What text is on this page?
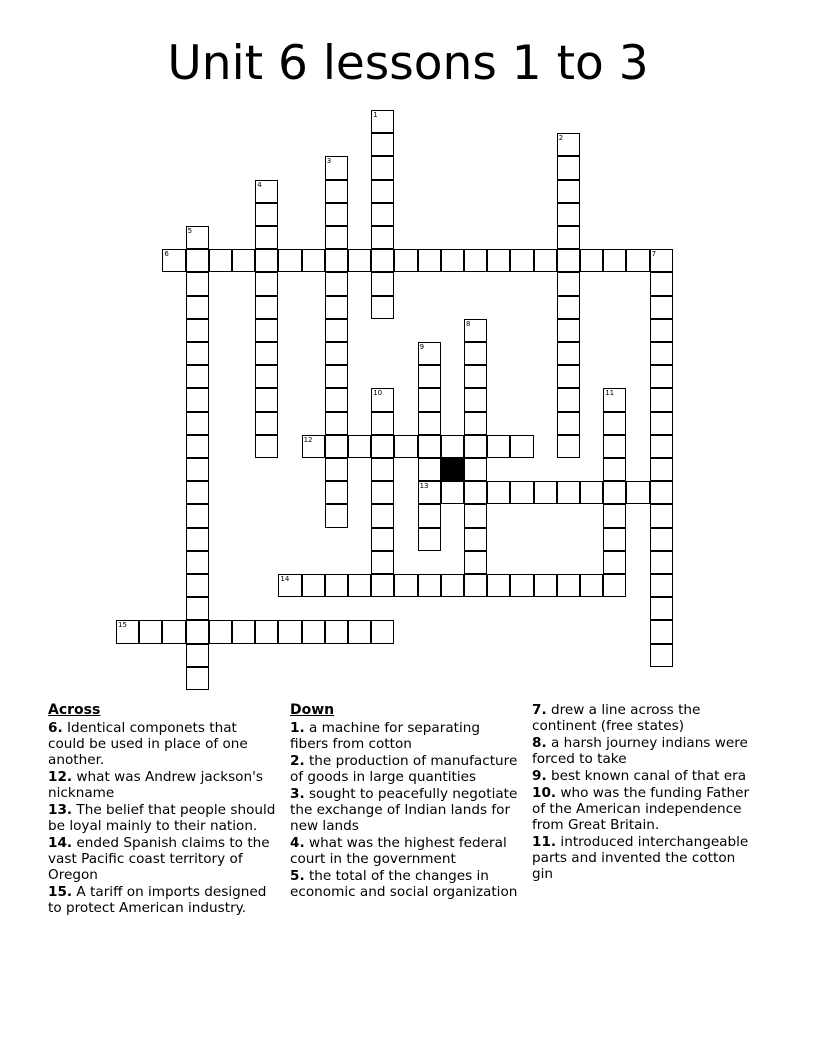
Unit 6 lessons 1 to 3
1
2
3
4
5
6	7
8
9
13
10	11
12
14
15
Across
6. Identical componets that could be used in place of one another.
12. what was Andrew jackson's nickname
13. The belief that people should be loyal mainly to their nation.
14. ended Spanish claims to the vast Pacific coast territory of Oregon
15. A tariff on imports designed to protect American industry.
Down
1. a machine for separating fibers from cotton
2. the production of manufacture of goods in large quantities
3. sought to peacefully negotiate the exchange of Indian lands for new lands
4. what was the highest federal court in the government
5. the total of the changes in economic and social organization
7. drew a line across the continent (free states)
8. a harsh journey indians were forced to take
9. best known canal of that era
10. who was the funding Father of the American independence from Great Britain.
11. introduced interchangeable parts and invented the cotton gin
